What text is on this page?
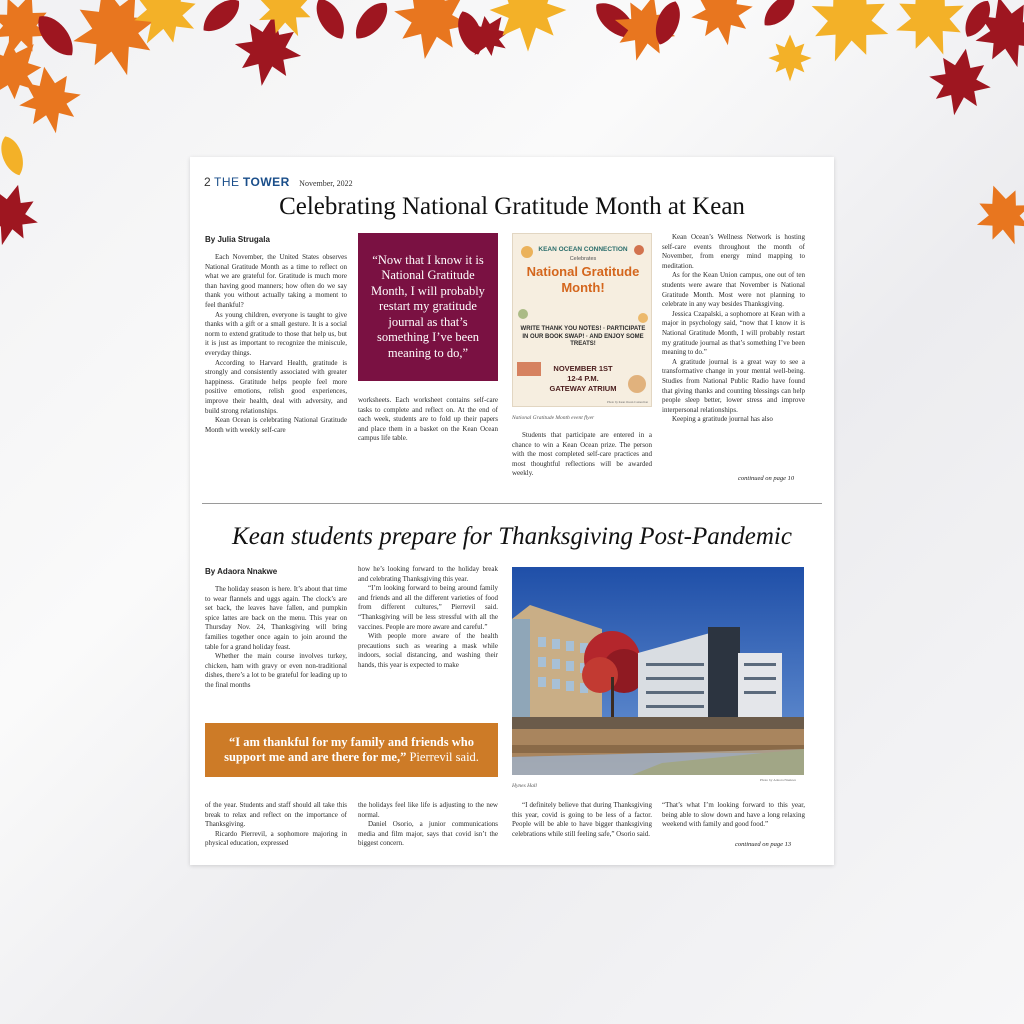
2 THE TOWER November, 2022
Celebrating National Gratitude Month at Kean
By Julia Strugala

Each November, the United States observes National Gratitude Month as a time to reflect on what we are grateful for. Gratitude is much more than having good manners; how often do we say thank you without actually taking a moment to feel thankful?

As young children, everyone is taught to give thanks with a gift or a small gesture. It is a social norm to extend gratitude to those that help us, but it is just as important to recognize the miniscule, everyday things.

According to Harvard Health, gratitude is strongly and consistently associated with greater happiness. Gratitude helps people feel more positive emotions, relish good experiences, improve their health, deal with adversity, and build strong relationships.

Kean Ocean is celebrating National Gratitude Month with weekly self-care

“Now that I know it is National Gratitude Month, I will probably restart my gratitude journal as that’s something I’ve been meaning to do,”

worksheets. Each worksheet contains self-care tasks to complete and reflect on. At the end of each week, students are to fold up their papers and place them in a basket on the Kean Ocean campus life table.

KEAN OCEAN CONNECTION
Celebrates
National Gratitude Month!
WRITE THANK YOU NOTES! · PARTICIPATE IN OUR BOOK SWAP! · AND ENJOY SOME TREATS!
NOVEMBER 1ST
12-4 P.M.
GATEWAY ATRIUM
Photo by Kean Ocean Connection
National Gratitude Month event flyer

Students that participate are entered in a chance to win a Kean Ocean prize. The person with the most completed self-care practices and most thoughtful reflections will be awarded weekly.

Kean Ocean’s Wellness Network is hosting self-care events throughout the month of November, from energy mind mapping to meditation.

As for the Kean Union campus, one out of ten students were aware that November is National Gratitude Month. Most were not planning to celebrate in any way besides Thanksgiving.

Jessica Czapalski, a sophomore at Kean with a major in psychology said, “now that I know it is National Gratitude Month, I will probably restart my gratitude journal as that’s something I’ve been meaning to do.”

A gratitude journal is a great way to see a transformative change in your mental well-being. Studies from National Public Radio have found that giving thanks and counting blessings can help people sleep better, lower stress and improve interpersonal relationships.

Keeping a gratitude journal has also

continued on page 10
Kean students prepare for Thanksgiving Post-Pandemic
By Adaora Nnakwe

The holiday season is here. It’s about that time to wear flannels and uggs again. The clock’s are set back, the leaves have fallen, and pumpkin spice lattes are back on the menu. This year on Thursday Nov. 24, Thanksgiving will bring families together once again to join around the table for a grand holiday feast.

Whether the main course involves turkey, chicken, ham with gravy or even non-traditional dishes, there’s a lot to be grateful for leading up to the final months

how he’s looking forward to the holiday break and celebrating Thanksgiving this year.

“I’m looking forward to being around family and friends and all the different varieties of food from different cultures,” Pierrevil said. “Thanksgiving will be less stressful with all the vaccines. People are more aware and careful.”

With people more aware of the health precautions such as wearing a mask while indoors, social distancing, and washing their hands, this year is expected to make

Hynes Hall
Photo by Adaora Nnakwe
“I am thankful for my family and friends who support me and are there for me,” Pierrevil said.

of the year. Students and staff should all take this break to relax and reflect on the importance of Thanksgiving.

Ricardo Pierrevil, a sophomore majoring in physical education, expressed

the holidays feel like life is adjusting to the new normal.

Daniel Osorio, a junior communications media and film major, says that covid isn’t the biggest concern.

“I definitely believe that during Thanksgiving this year, covid is going to be less of a factor. People will be able to have bigger thanksgiving celebrations while still feeling safe,” Osorio said.

“That’s what I’m looking forward to this year, being able to slow down and have a long relaxing weekend with family and good food.”

continued on page 13
